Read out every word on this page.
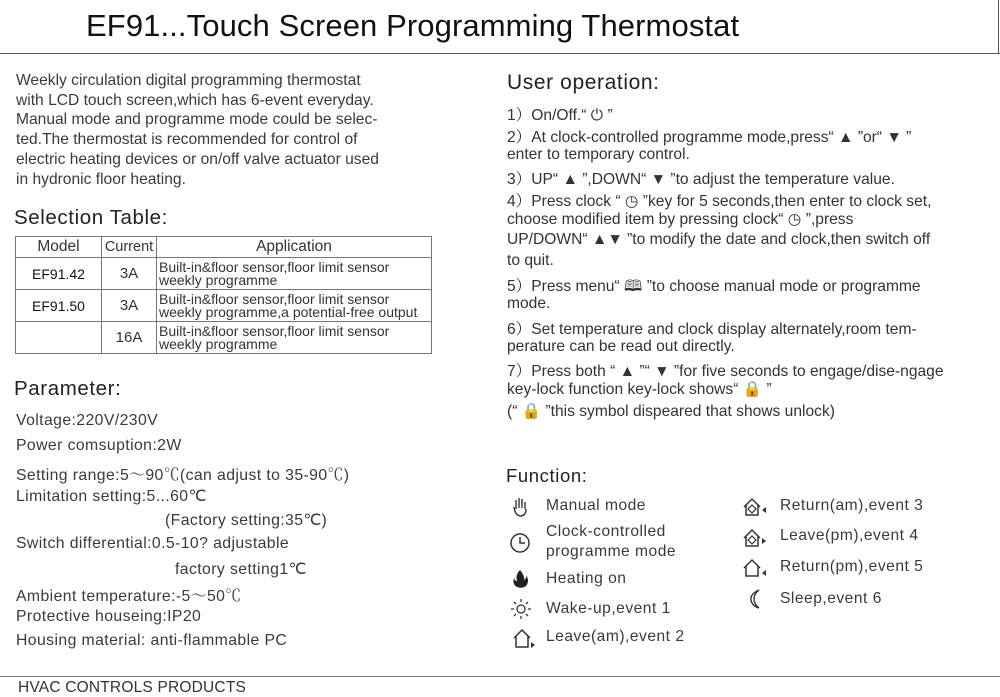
EF91...Touch Screen Programming Thermostat
Weekly circulation digital programming thermostat
with LCD touch screen,which has 6-event everyday.
Manual mode and programme mode could be selec-
ted.The thermostat is recommended for control of
electric heating devices or on/off valve actuator used
in hydronic floor heating.
Selection Table:
Model	Current	Application
EF91.42	3A	Built-in&floor sensor,floor limit sensor
weekly programme

EF91.50	3A	Built-in&floor sensor,floor limit sensor
weekly programme,a potential-free output

	16A	Built-in&floor sensor,floor limit sensor
weekly programme
Parameter:
Voltage:220V/230V
Power comsuption:2W
Setting range:5～90℃(can adjust to 35-90℃)
Limitation setting:5...60℃
(Factory setting:35℃)
Switch differential:0.5-10? adjustable
factory setting1℃
Ambient temperature:-5～50℃
Protective houseing:IP20
Housing material: anti-flammable PC
User operation:
1）On/Off.“ ⏻ ”
2）At clock-controlled programme mode,press“ ▲ ”or“ ▼ ”
enter to temporary control.
3）UP“ ▲ ”,DOWN“ ▼ ”to adjust the temperature value.
4）Press clock “ ◷ ”key for 5 seconds,then enter to clock set,
choose modified item by pressing clock“ ◷ ”,press
UP/DOWN“ ▲▼ ”to modify the date and clock,then switch off
to quit.
5）Press menu“ 🕮 ”to choose manual mode or programme
mode.
6）Set temperature and clock display alternately,room tem-
perature can be read out directly.
7）Press both “ ▲ ”“ ▼ ”for five seconds to engage/dise-ngage
key-lock function key-lock shows“ 🔒 ”
(“ 🔒 ”this symbol dispeared that shows unlock)
Function:
Manual mode
Clock-controlled
programme mode
Heating on
Wake-up,event 1
Leave(am),event 2
Return(am),event 3
Leave(pm),event 4
Return(pm),event 5
Sleep,event 6
HVAC CONTROLS PRODUCTS
